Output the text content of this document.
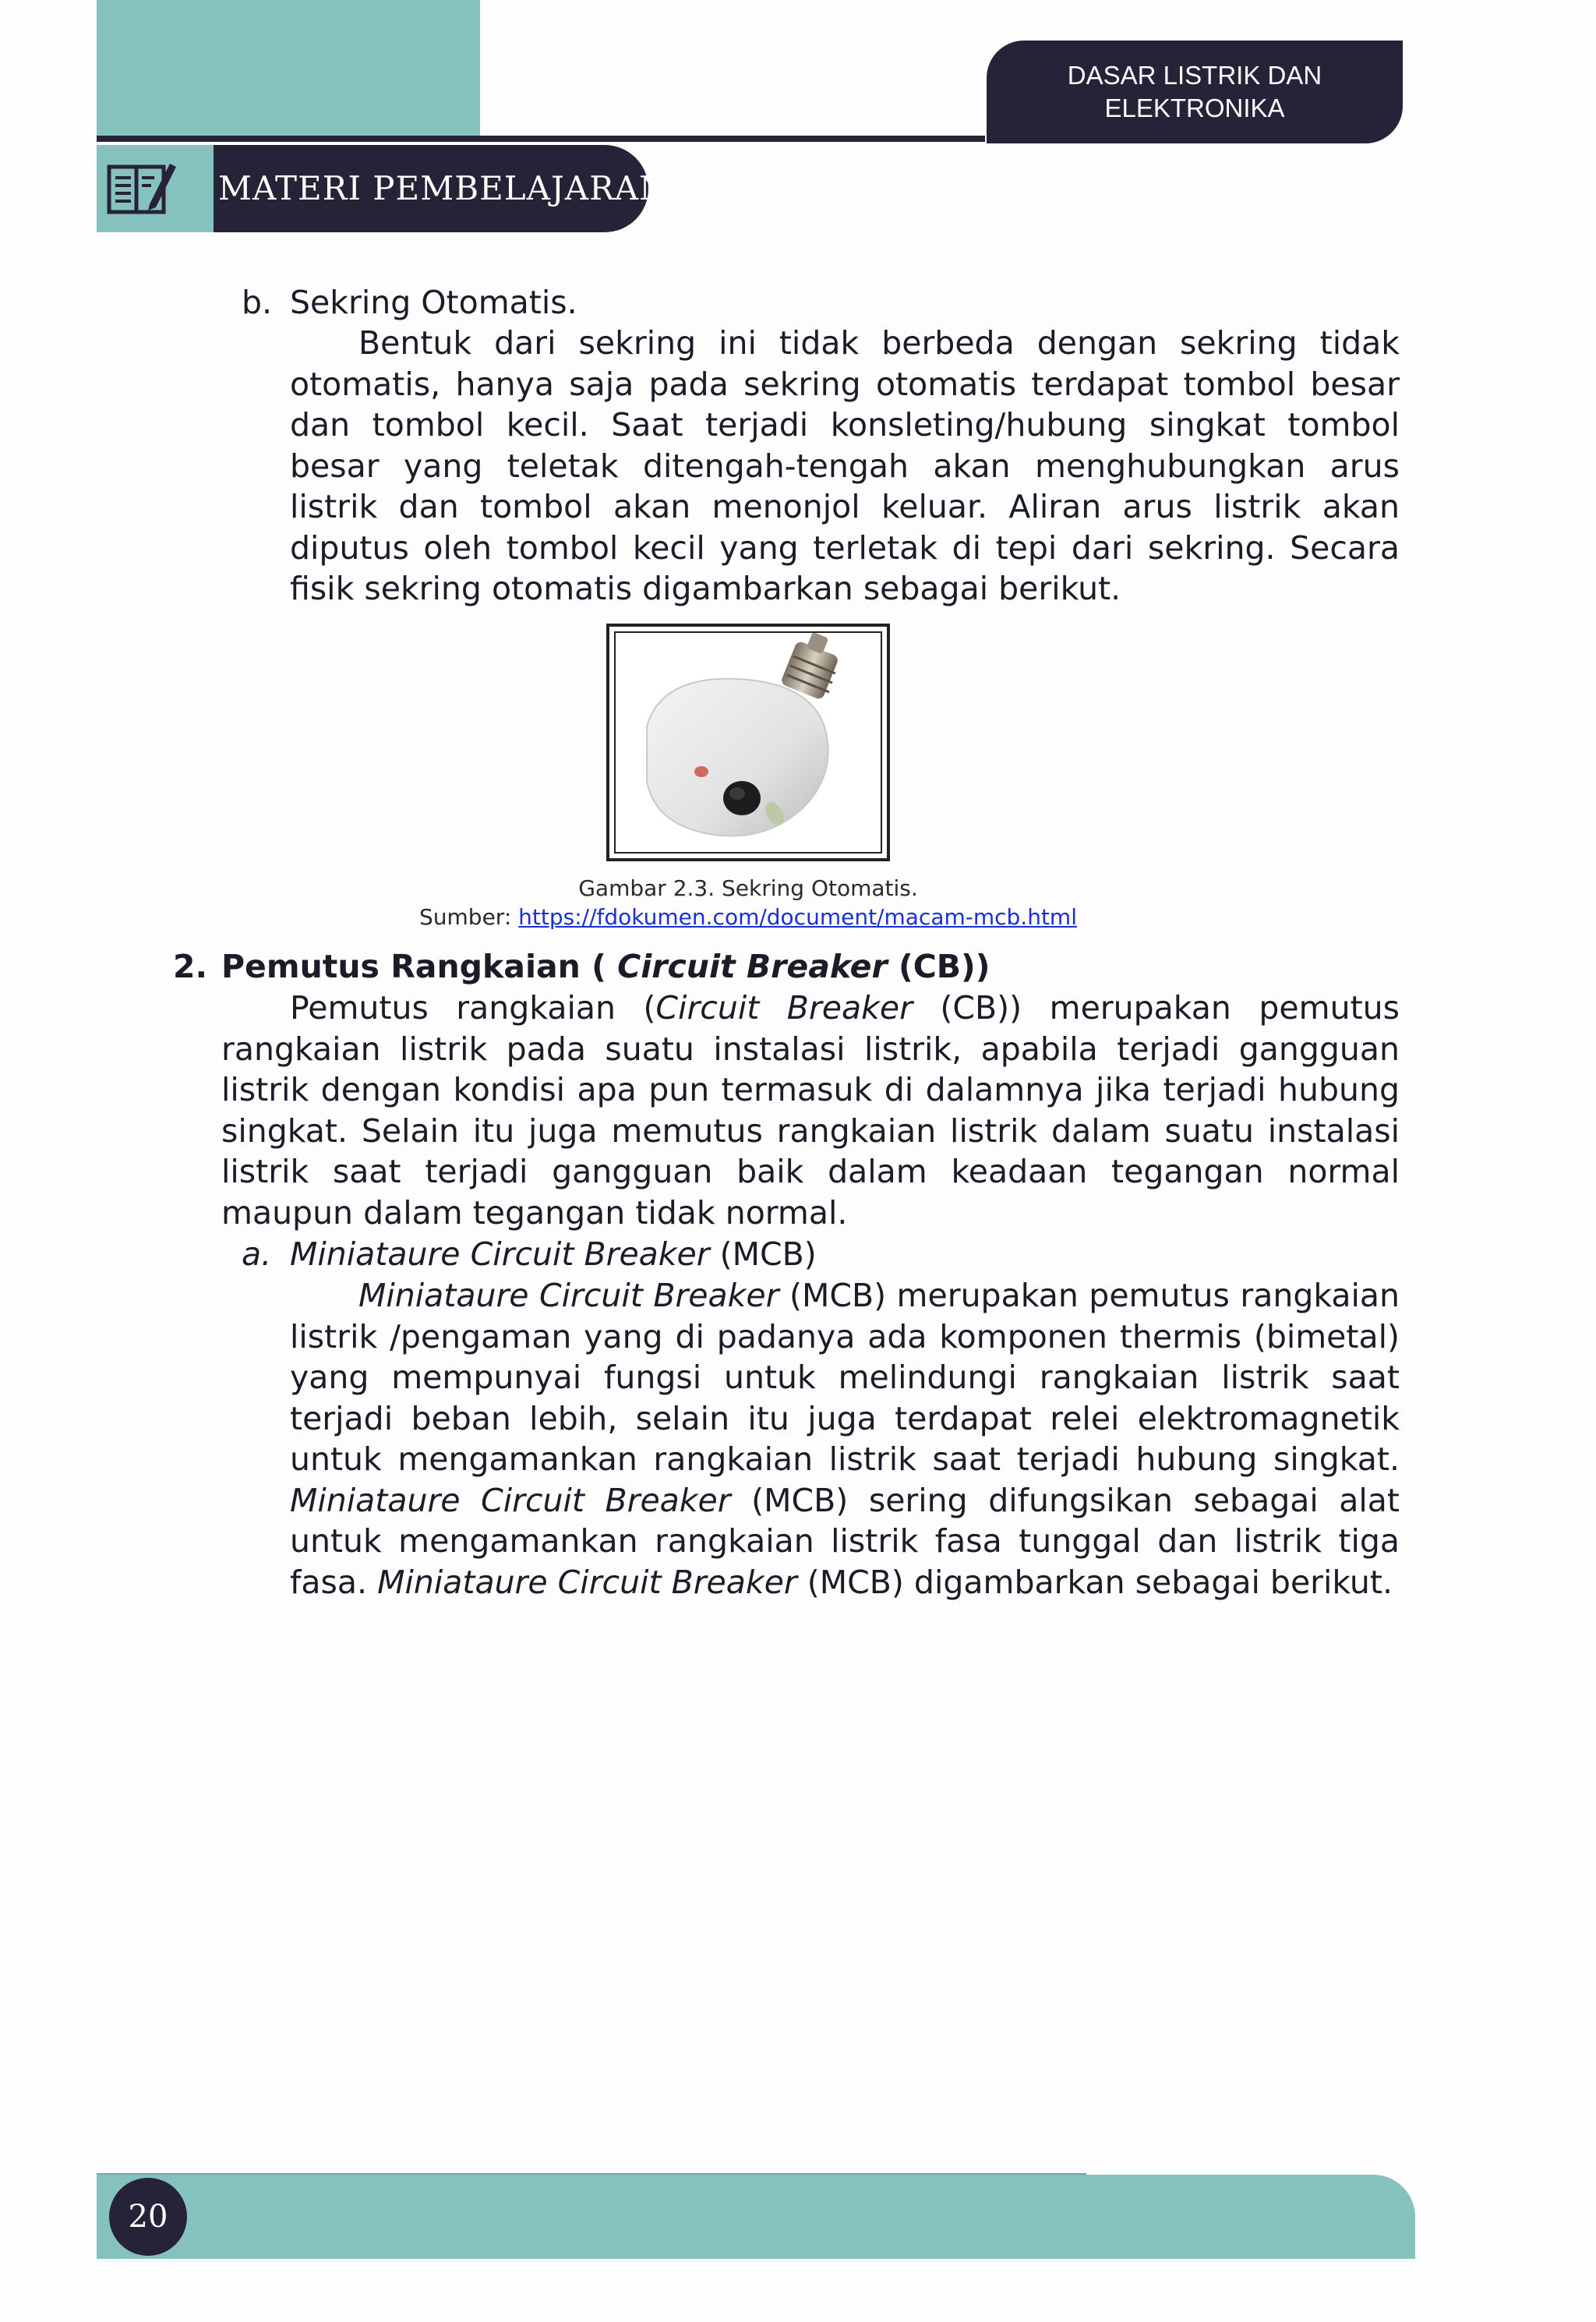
DASAR LISTRIK DAN
ELEKTRONIKA
MATERI PEMBELAJARAN
b. Sekring Otomatis.
Bentuk dari sekring ini tidak berbeda dengan sekring tidak otomatis, hanya saja pada sekring otomatis terdapat tombol besar dan tombol kecil. Saat terjadi konsleting/hubung singkat tombol besar yang teletak ditengah-tengah akan menghubungkan arus listrik dan tombol akan menonjol keluar. Aliran arus listrik akan diputus oleh tombol kecil yang terletak di tepi dari sekring. Secara fisik sekring otomatis digambarkan sebagai berikut.
Gambar 2.3. Sekring Otomatis.
Sumber: https://fdokumen.com/document/macam-mcb.html
2. Pemutus Rangkaian ( Circuit Breaker (CB))
Pemutus rangkaian (Circuit Breaker (CB)) merupakan pemutus rangkaian listrik pada suatu instalasi listrik, apabila terjadi gangguan listrik dengan kondisi apa pun termasuk di dalamnya jika terjadi hubung singkat. Selain itu juga memutus rangkaian listrik dalam suatu instalasi listrik saat terjadi gangguan baik dalam keadaan tegangan normal maupun dalam tegangan tidak normal.
a. Miniataure Circuit Breaker (MCB)
Miniataure Circuit Breaker (MCB) merupakan pemutus rangkaian listrik /pengaman yang di padanya ada komponen thermis (bimetal) yang mempunyai fungsi untuk melindungi rangkaian listrik saat terjadi beban lebih, selain itu juga terdapat relei elektromagnetik untuk mengamankan rangkaian listrik saat terjadi hubung singkat. Miniataure Circuit Breaker (MCB) sering difungsikan sebagai alat untuk mengamankan rangkaian listrik fasa tunggal dan listrik tiga fasa. Miniataure Circuit Breaker (MCB) digambarkan sebagai berikut.
20
